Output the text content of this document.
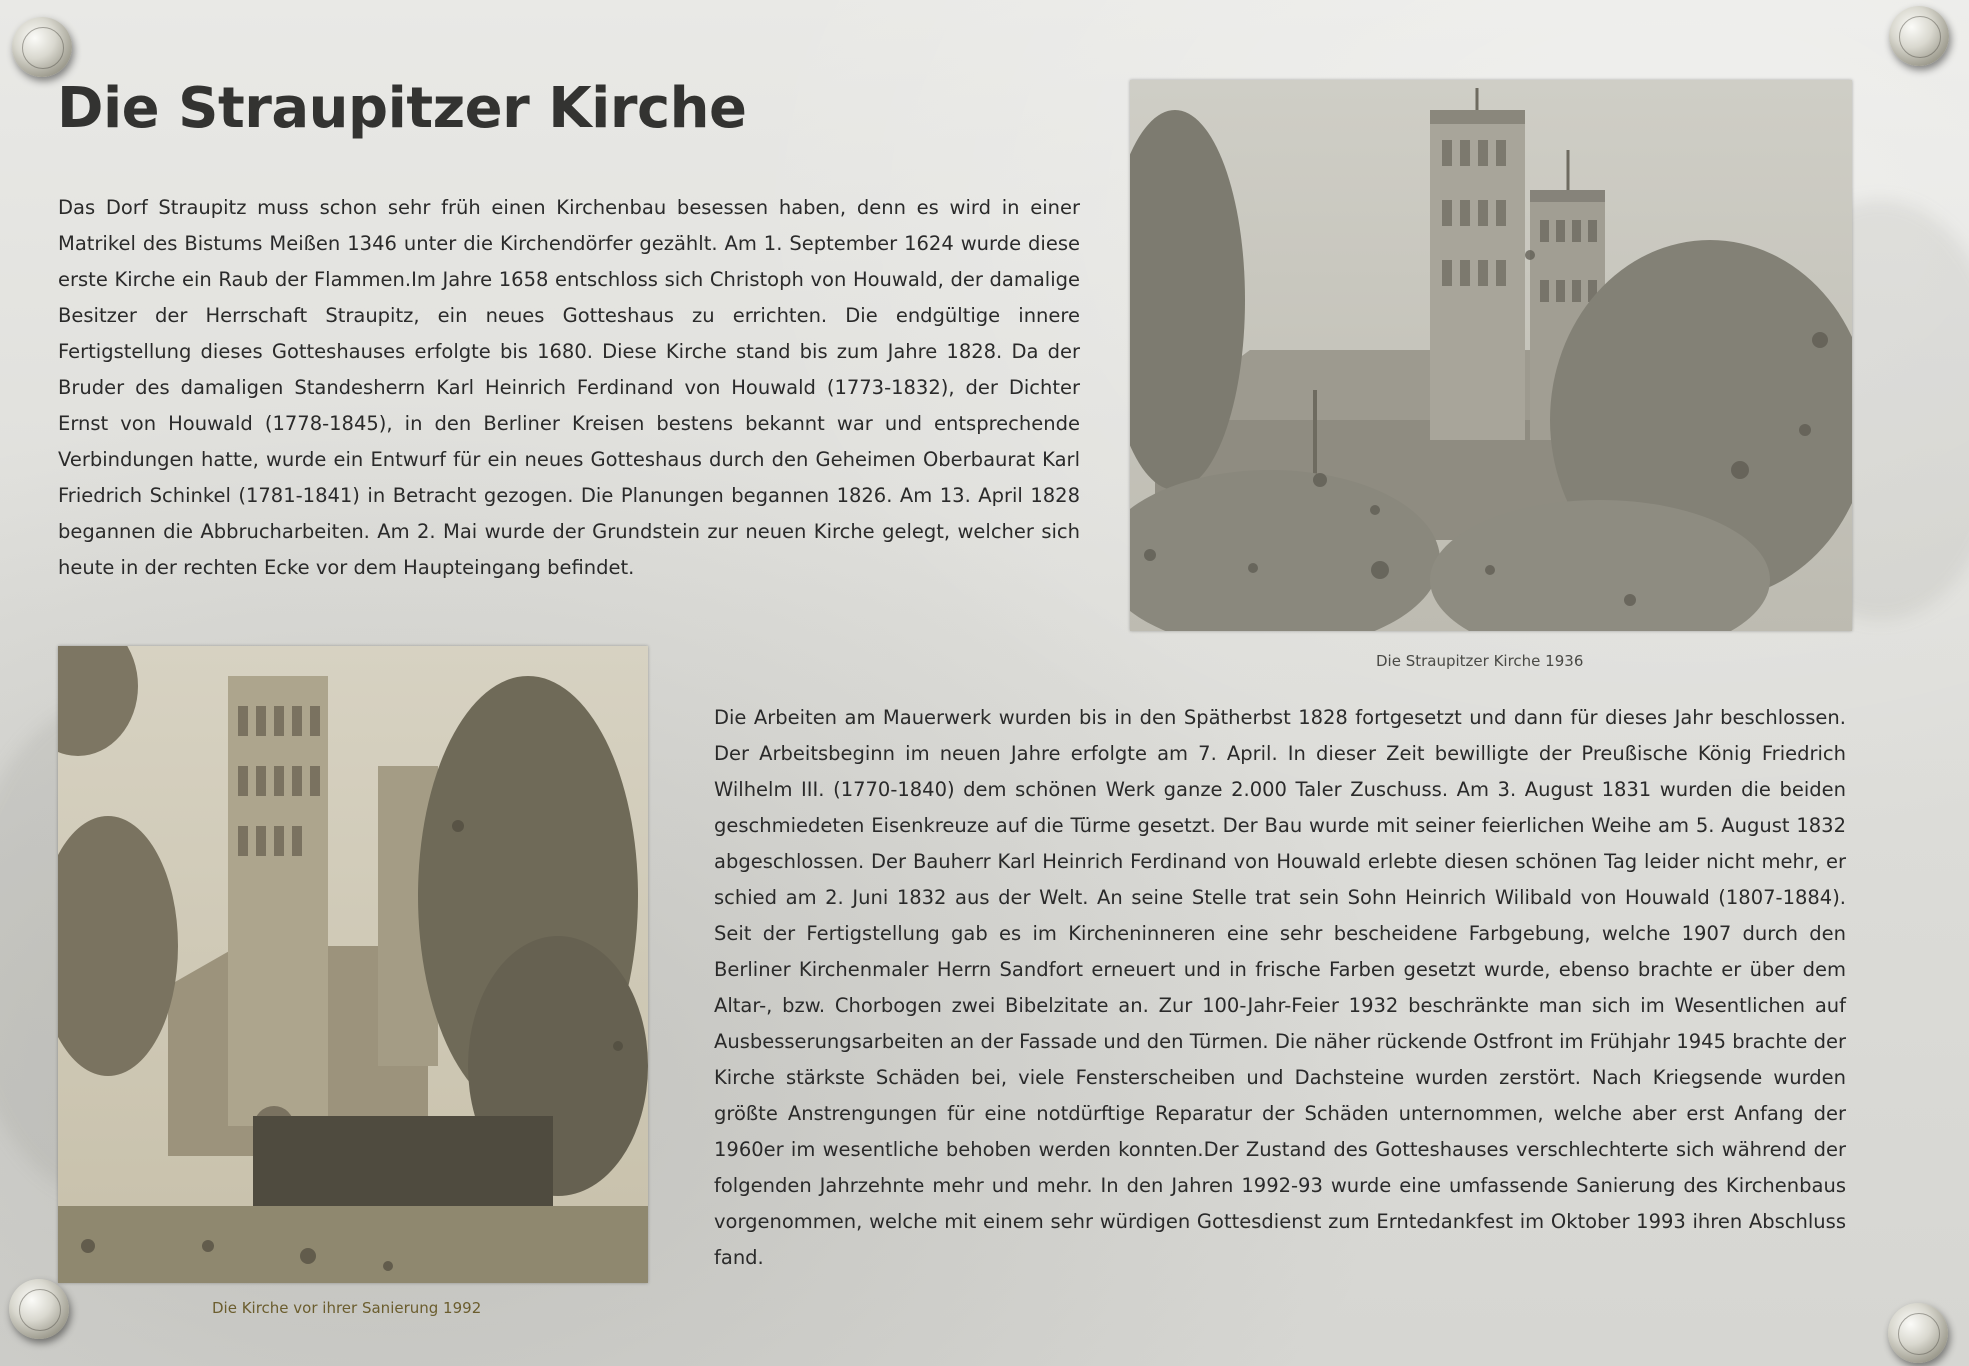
Die Straupitzer Kirche

Das Dorf Straupitz muss schon sehr früh einen Kirchenbau besessen haben, denn es wird in einer Matrikel des Bistums Meißen 1346 unter die Kirchendörfer gezählt. Am 1. September 1624 wurde diese erste Kirche ein Raub der Flammen.Im Jahre 1658 entschloss sich Christoph von Houwald, der damalige Besitzer der Herrschaft Straupitz, ein neues Gotteshaus zu errichten. Die endgültige innere Fertigstellung dieses Gotteshauses erfolgte bis 1680. Diese Kirche stand bis zum Jahre 1828. Da der Bruder des damaligen Standesherrn Karl Heinrich Ferdinand von Houwald (1773-1832), der Dichter Ernst von Houwald (1778-1845), in den Berliner Kreisen bestens bekannt war und entsprechende Verbindungen hatte, wurde ein Entwurf für ein neues Gotteshaus durch den Geheimen Oberbaurat Karl Friedrich Schinkel (1781-1841) in Betracht gezogen. Die Planungen begannen 1826. Am 13. April 1828 begannen die Abbrucharbeiten. Am 2. Mai wurde der Grundstein zur neuen Kirche gelegt, welcher sich heute in der rechten Ecke vor dem Haupteingang befindet.

Die Straupitzer Kirche 1936

Die Kirche vor ihrer Sanierung 1992

Die Arbeiten am Mauerwerk wurden bis in den Spätherbst 1828 fortgesetzt und dann für dieses Jahr beschlossen. Der Arbeitsbeginn im neuen Jahre erfolgte am 7. April. In dieser Zeit bewilligte der Preußische König Friedrich Wilhelm III. (1770-1840) dem schönen Werk ganze 2.000 Taler Zuschuss. Am 3. August 1831 wurden die beiden geschmiedeten Eisenkreuze auf die Türme gesetzt. Der Bau wurde mit seiner feierlichen Weihe am 5. August 1832 abgeschlossen. Der Bauherr Karl Heinrich Ferdinand von Houwald erlebte diesen schönen Tag leider nicht mehr, er schied am 2. Juni 1832 aus der Welt. An seine Stelle trat sein Sohn Heinrich Wilibald von Houwald (1807-1884). Seit der Fertigstellung gab es im Kircheninneren eine sehr bescheidene Farbgebung, welche 1907 durch den Berliner Kirchenmaler Herrn Sandfort erneuert und in frische Farben gesetzt wurde, ebenso brachte er über dem Altar-, bzw. Chorbogen zwei Bibelzitate an. Zur 100-Jahr-Feier 1932 beschränkte man sich im Wesentlichen auf Ausbesserungsarbeiten an der Fassade und den Türmen. Die näher rückende Ostfront im Frühjahr 1945 brachte der Kirche stärkste Schäden bei, viele Fensterscheiben und Dachsteine wurden zerstört. Nach Kriegsende wurden größte Anstrengungen für eine notdürftige Reparatur der Schäden unternommen, welche aber erst Anfang der 1960er im wesentliche behoben werden konnten.Der Zustand des Gotteshauses verschlechterte sich während der folgenden Jahrzehnte mehr und mehr. In den Jahren 1992-93 wurde eine umfassende Sanierung des Kirchenbaus vorgenommen, welche mit einem sehr würdigen Gottesdienst zum Erntedankfest im Oktober 1993 ihren Abschluss fand.
